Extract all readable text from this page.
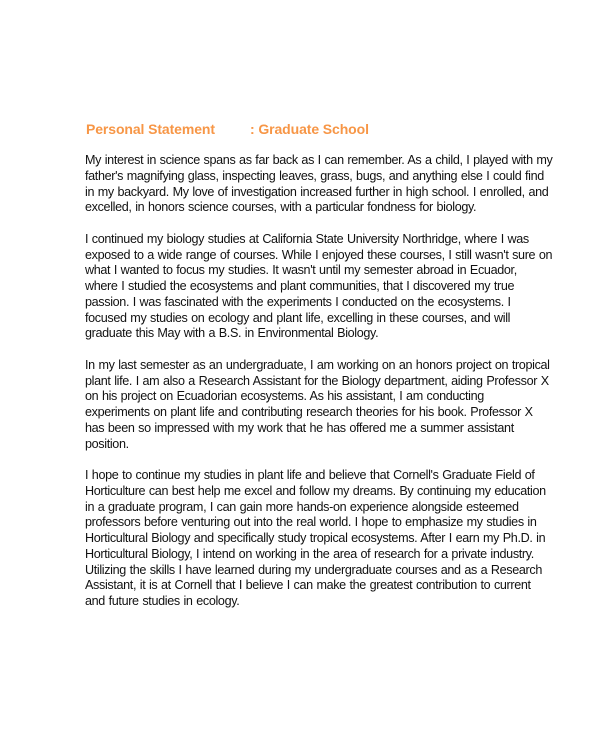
Personal Statement	: Graduate School
My interest in science spans as far back as I can remember. As a child, I played with my
father's magnifying glass, inspecting leaves, grass, bugs, and anything else I could find
in my backyard. My love of investigation increased further in high school. I enrolled, and
excelled, in honors science courses, with a particular fondness for biology.
I continued my biology studies at California State University Northridge, where I was
exposed to a wide range of courses. While I enjoyed these courses, I still wasn't sure on
what I wanted to focus my studies. It wasn't until my semester abroad in Ecuador,
where I studied the ecosystems and plant communities, that I discovered my true
passion. I was fascinated with the experiments I conducted on the ecosystems. I
focused my studies on ecology and plant life, excelling in these courses, and will
graduate this May with a B.S. in Environmental Biology.
In my last semester as an undergraduate, I am working on an honors project on tropical
plant life. I am also a Research Assistant for the Biology department, aiding Professor X
on his project on Ecuadorian ecosystems. As his assistant, I am conducting
experiments on plant life and contributing research theories for his book. Professor X
has been so impressed with my work that he has offered me a summer assistant
position.
I hope to continue my studies in plant life and believe that Cornell's Graduate Field of
Horticulture can best help me excel and follow my dreams. By continuing my education
in a graduate program, I can gain more hands-on experience alongside esteemed
professors before venturing out into the real world. I hope to emphasize my studies in
Horticultural Biology and specifically study tropical ecosystems. After I earn my Ph.D. in
Horticultural Biology, I intend on working in the area of research for a private industry.
Utilizing the skills I have learned during my undergraduate courses and as a Research
Assistant, it is at Cornell that I believe I can make the greatest contribution to current
and future studies in ecology.
